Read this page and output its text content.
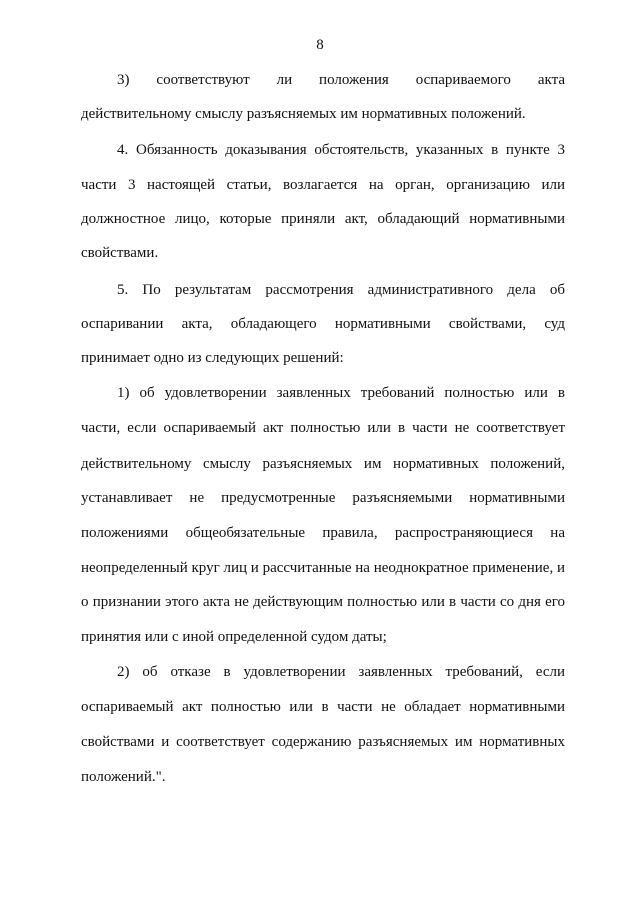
8
3) соответствуют ли положения оспариваемого акта
действительному смыслу разъясняемых им нормативных положений.
4. Обязанность доказывания обстоятельств, указанных в пункте 3
части 3 настоящей статьи, возлагается на орган, организацию или
должностное лицо, которые приняли акт, обладающий нормативными
свойствами.
5. По результатам рассмотрения административного дела об
оспаривании акта, обладающего нормативными свойствами, суд
принимает одно из следующих решений:
1) об удовлетворении заявленных требований полностью или в
части, если оспариваемый акт полностью или в части не соответствует
действительному смыслу разъясняемых им нормативных положений,
устанавливает не предусмотренные разъясняемыми нормативными
положениями общеобязательные правила, распространяющиеся на
неопределенный круг лиц и рассчитанные на неоднократное применение, и
о признании этого акта не действующим полностью или в части со дня его
принятия или с иной определенной судом даты;
2) об отказе в удовлетворении заявленных требований, если
оспариваемый акт полностью или в части не обладает нормативными
свойствами и соответствует содержанию разъясняемых им нормативных
положений.".
